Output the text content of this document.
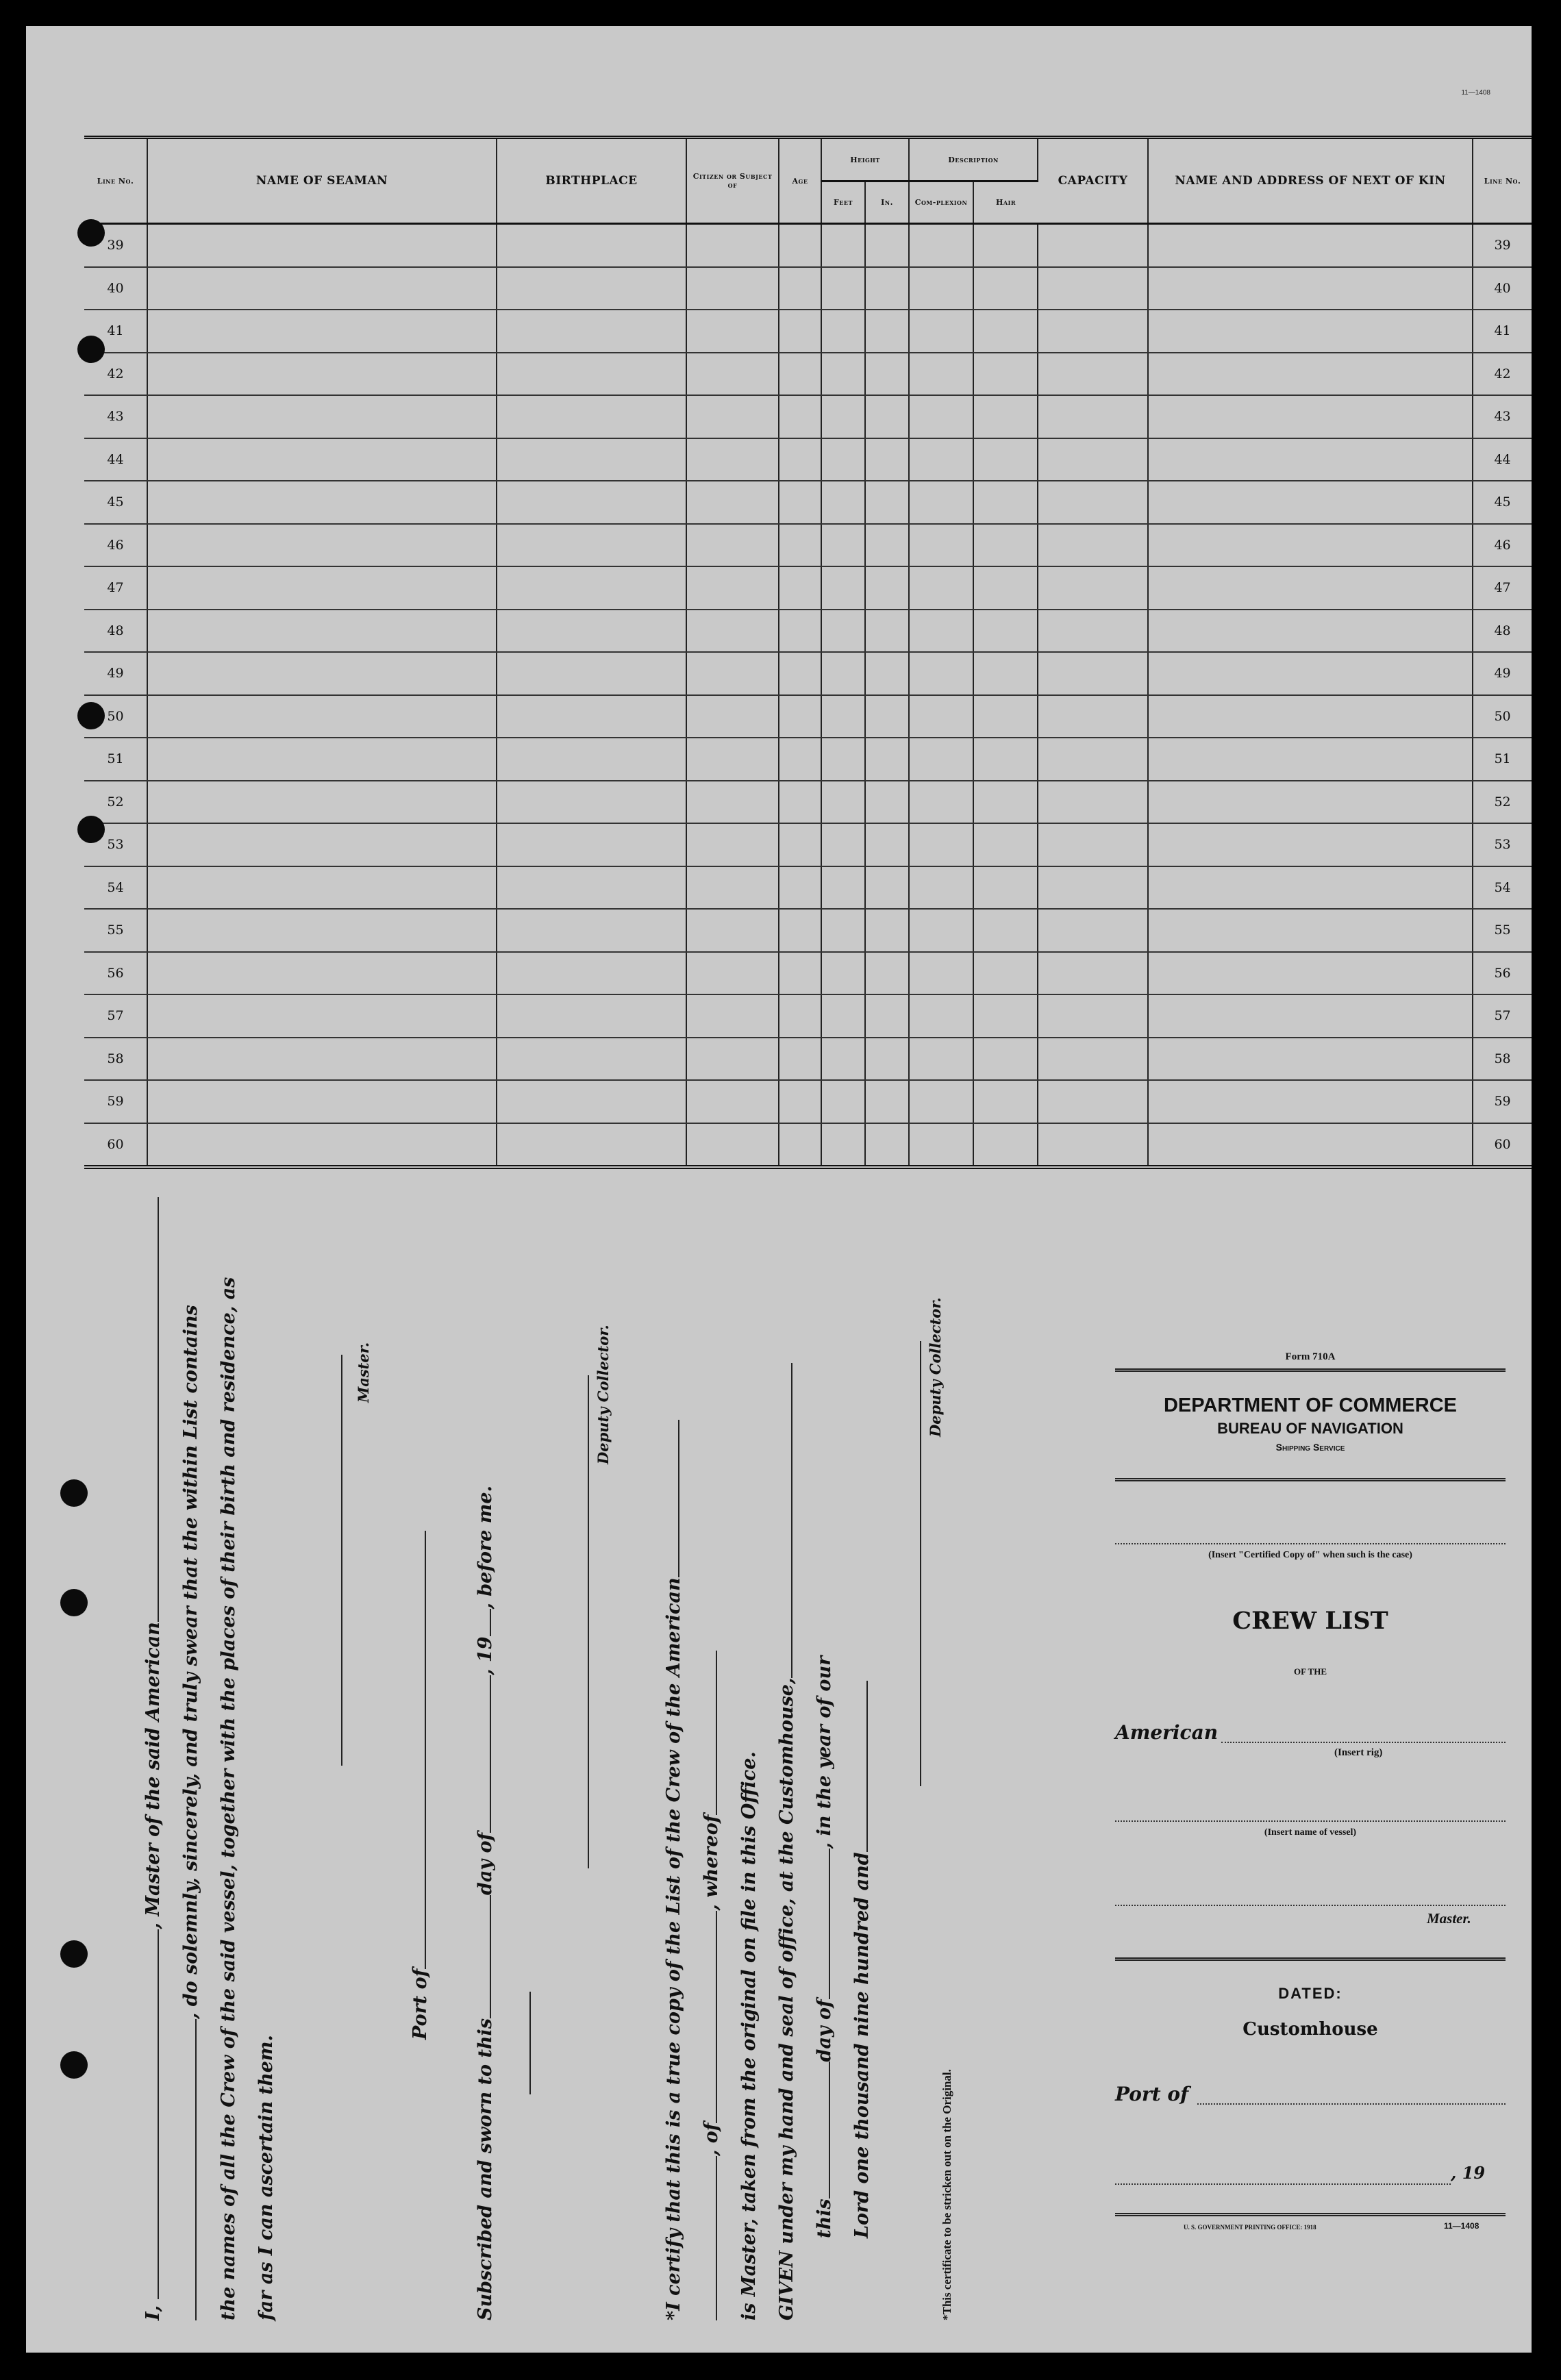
11—1408
Line No.	NAME OF SEAMAN	BIRTHPLACE	Citizen or Subject of	Age	Height		Description		CAPACITY	NAME AND ADDRESS OF NEXT OF KIN	Line No.
					Feet	In.	Com-plexion	Hair			
39											39
40											40
41											41
42											42
43											43
44											44
45											45
46											46
47											47
48											48
49											49
50											50
51											51
52											52
53											53
54											54
55											55
56											56
57											57
58											58
59											59
60											60
I, , Master of the said American , do solemnly, sincerely, and truly swear that the within List contains the names of all the Crew of the said vessel, together with the places of their birth and residence, as far as I can ascertain them.
Master.
Port of
Subscribed and sworn to thisday of, 19, before me.
Deputy Collector.
*I certify that this is a true copy of the List of the Crew of the American , of, whereof is Master, taken from the original on file in this Office. GIVEN under my hand and seal of office, at the Customhouse, thisday of, in the year of our
Lord one thousand nine hundred and
Deputy Collector.
*This certificate to be stricken out on the Original.
Form 710A
DEPARTMENT OF COMMERCE
BUREAU OF NAVIGATION
Shipping Service
(Insert "Certified Copy of" when such is the case)
CREW LIST
OF THE
American
(Insert rig)
(Insert name of vessel)
Master.
DATED:
Customhouse
Port of
, 19
U. S. GOVERNMENT PRINTING OFFICE: 1918	11—1408
